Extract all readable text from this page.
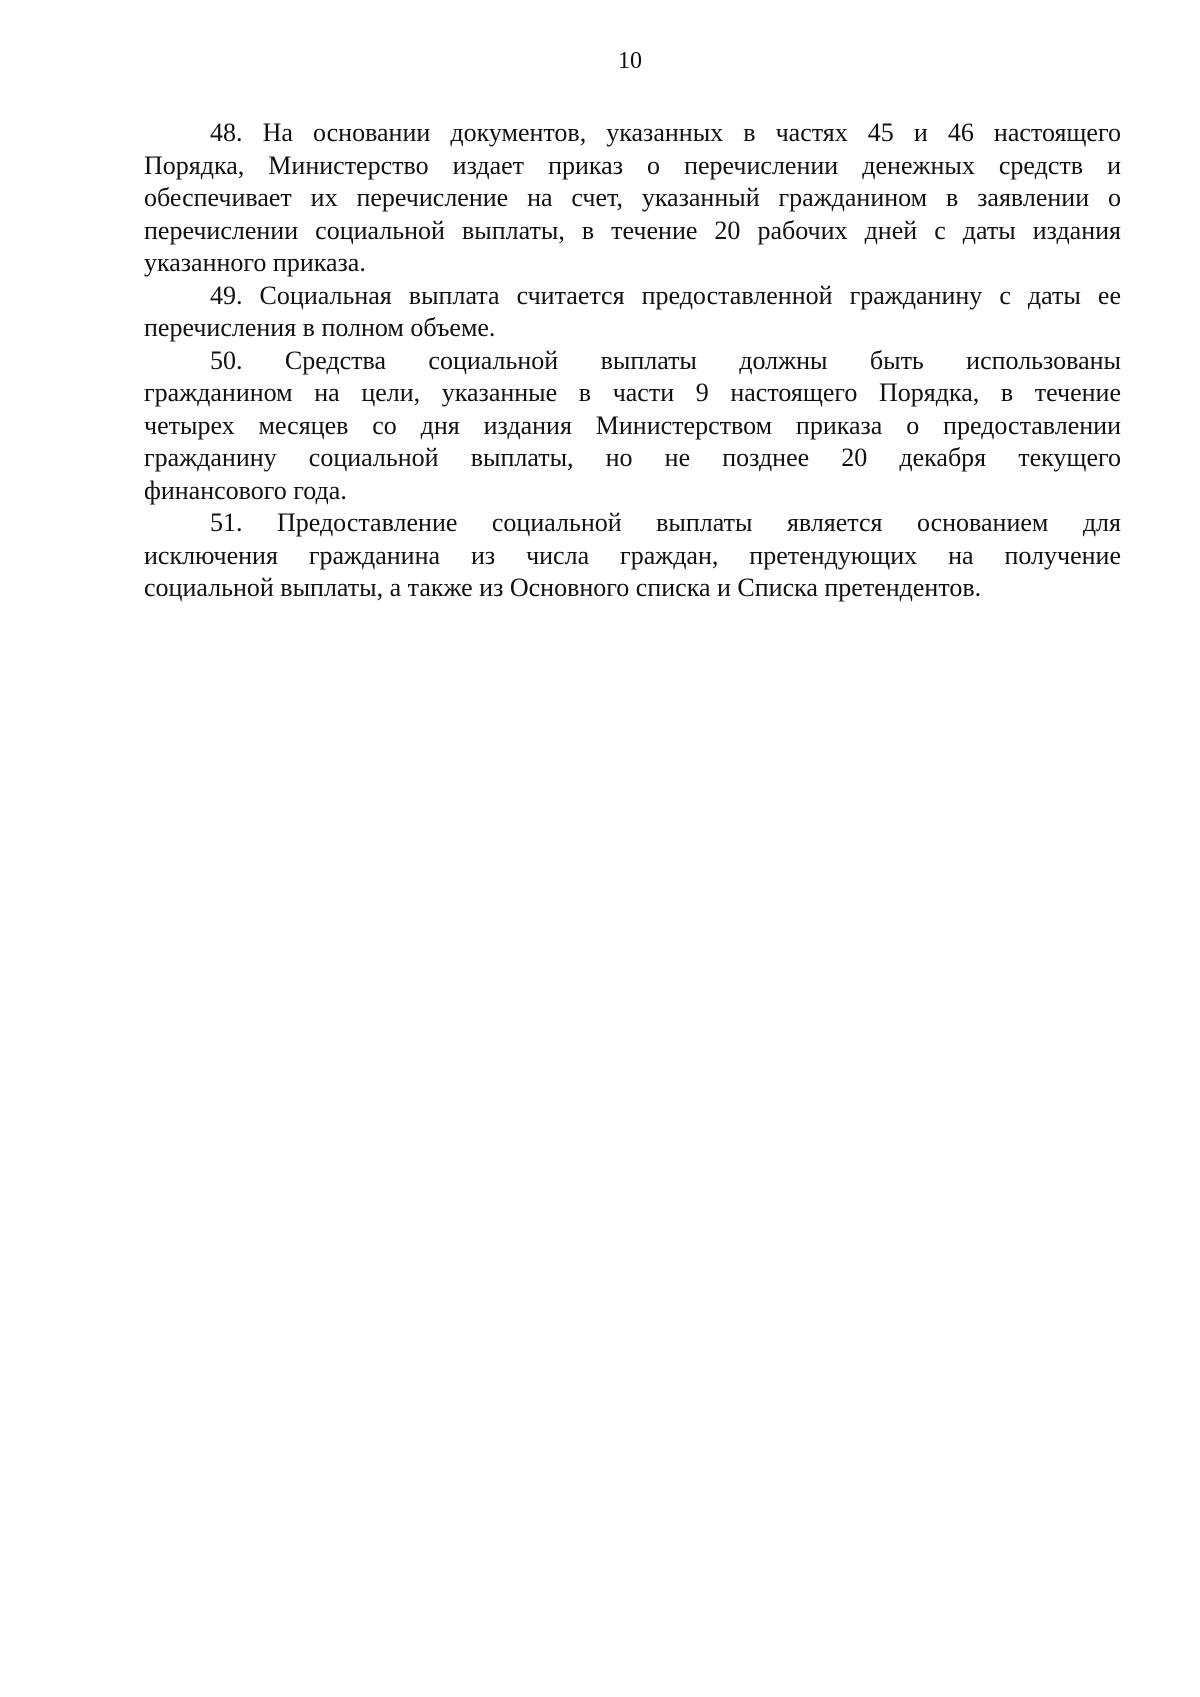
10

48. На основании документов, указанных в частях 45 и 46 настоящего
Порядка, Министерство издает приказ о перечислении денежных средств и
обеспечивает их перечисление на счет, указанный гражданином в заявлении о
перечислении социальной выплаты, в течение 20 рабочих дней с даты издания
указанного приказа.

49. Социальная выплата считается предоставленной гражданину с даты ее
перечисления в полном объеме.

50. Средства социальной выплаты должны быть использованы
гражданином на цели, указанные в части 9 настоящего Порядка, в течение
четырех месяцев со дня издания Министерством приказа о предоставлении
гражданину социальной выплаты, но не позднее 20 декабря текущего
финансового года.

51. Предоставление социальной выплаты является основанием для
исключения гражданина из числа граждан, претендующих на получение
социальной выплаты, а также из Основного списка и Списка претендентов.
